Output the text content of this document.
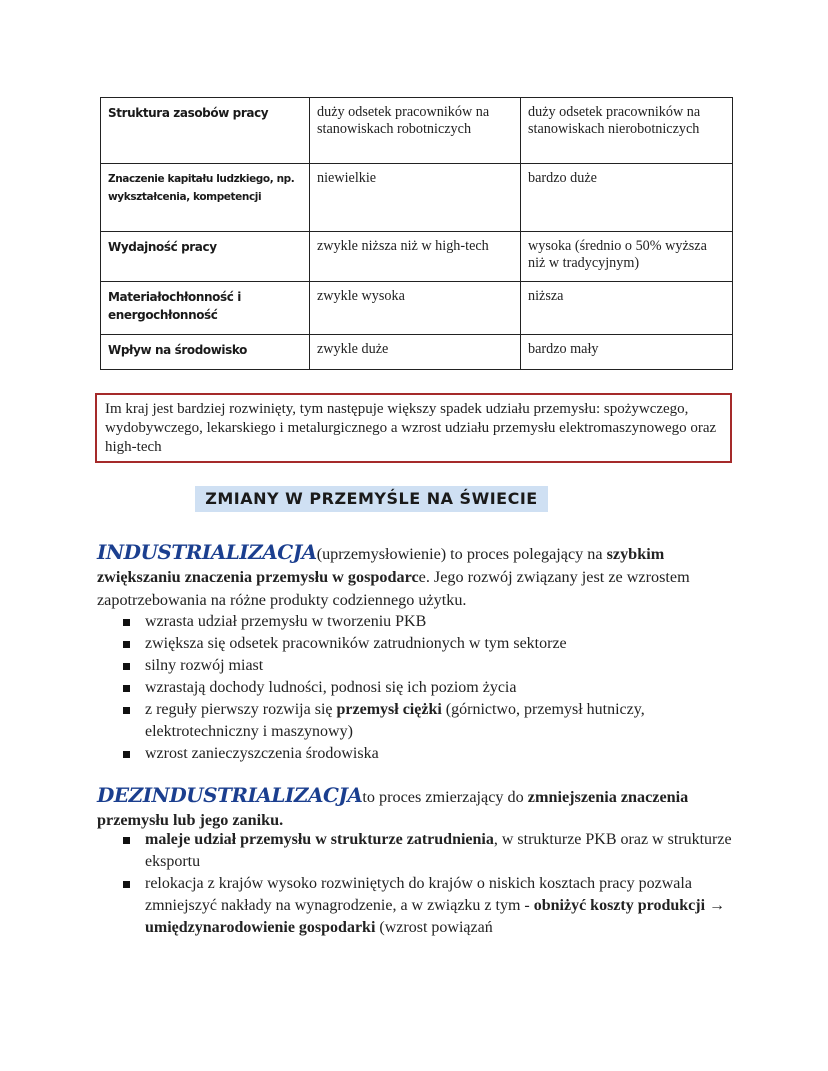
Struktura zasobów pracy	duży odsetek pracowników na stanowiskach robotniczych	duży odsetek pracowników na stanowiskach nierobotniczych
Znaczenie kapitału ludzkiego, np. wykształcenia, kompetencji	niewielkie	bardzo duże
Wydajność pracy	zwykle niższa niż w high-tech	wysoka (średnio o 50% wyższa niż w tradycyjnym)
Materiałochłonność i energochłonność	zwykle wysoka	niższa
Wpływ na środowisko	zwykle duże	bardzo mały
Im kraj jest bardziej rozwinięty, tym następuje większy spadek udziału przemysłu: spożywczego, wydobywczego, lekarskiego i metalurgicznego a wzrost udziału przemysłu elektromaszynowego oraz high-tech
ZMIANY W PRZEMYŚLE NA ŚWIECIE
INDUSTRIALIZACJA(uprzemysłowienie) to proces polegający na szybkim zwiększaniu znaczenia przemysłu w gospodarce. Jego rozwój związany jest ze wzrostem zapotrzebowania na różne produkty codziennego użytku.
wzrasta udział przemysłu w tworzeniu PKB
zwiększa się odsetek pracowników zatrudnionych w tym sektorze
silny rozwój miast
wzrastają dochody ludności, podnosi się ich poziom życia
z reguły pierwszy rozwija się przemysł ciężki (górnictwo, przemysł hutniczy, elektrotechniczny i maszynowy)
wzrost zanieczyszczenia środowiska
DEZINDUSTRIALIZACJAto proces zmierzający do zmniejszenia znaczenia przemysłu lub jego zaniku.
maleje udział przemysłu w strukturze zatrudnienia, w strukturze PKB oraz w strukturze eksportu
relokacja z krajów wysoko rozwiniętych do krajów o niskich kosztach pracy pozwala zmniejszyć nakłady na wynagrodzenie, a w związku z tym - obniżyć koszty produkcji → umiędzynarodowienie gospodarki (wzrost powiązań
